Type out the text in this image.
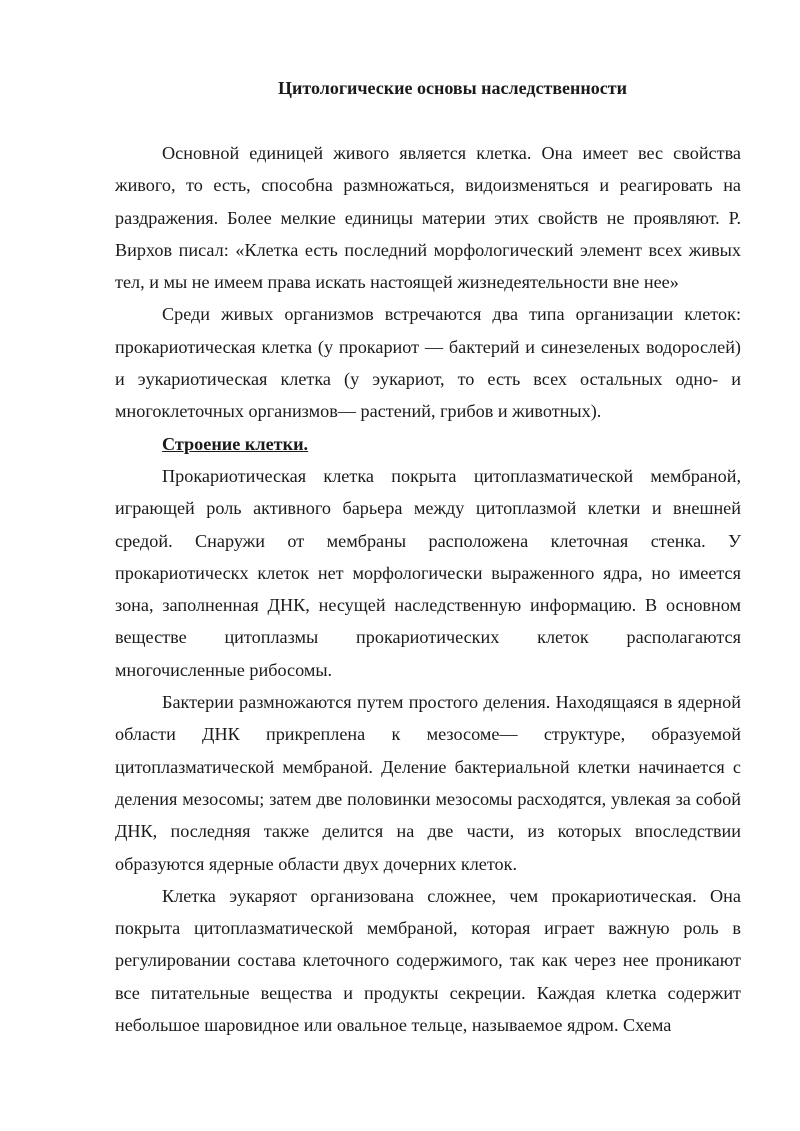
Цитологические основы наследственности

Основной единицей живого является клетка. Она имеет вес свойства живого, то есть, способна размножаться, видоизменяться и реагировать на раздражения. Более мелкие единицы материи этих свойств не проявляют. Р. Вирхов писал: «Клетка есть последний морфологический элемент всех живых тел, и мы не имеем права искать настоящей жизнедеятельности вне нее»

Среди живых организмов встречаются два типа организации клеток: прокариотическая клетка (у прокариот — бактерий и синезеленых водорослей) и эукариотическая клетка (у эукариот, то есть всех остальных одно- и многоклеточных организмов— растений, грибов и животных).

Строение клетки.

Прокариотическая клетка покрыта цитоплазматической мембраной, играющей роль активного барьера между цитоплазмой клетки и внешней средой. Снаружи от мембраны расположена клеточная стенка. У прокариотическх клеток нет морфологически выраженного ядра, но имеется зона, заполненная ДНК, несущей наследственную информацию. В основном веществе цитоплазмы прокариотических клеток располагаются многочисленные рибосомы.

Бактерии размножаются путем простого деления. Находящаяся в ядерной области ДНК прикреплена к мезосоме— структуре, образуемой цитоплазматической мембраной. Деление бактериальной клетки начинается с деления мезосомы; затем две половинки мезосомы расходятся, увлекая за собой ДНК, последняя также делится на две части, из которых впоследствии образуются ядерные области двух дочерних клеток.

Клетка эукаряот организована сложнее, чем прокариотическая. Она покрыта цитоплазматической мембраной, которая играет важную роль в регулировании состава клеточного содержимого, так как через нее проникают все питательные вещества и продукты секреции. Каждая клетка содержит небольшое шаровидное или овальное тельце, называемое ядром. Схема
